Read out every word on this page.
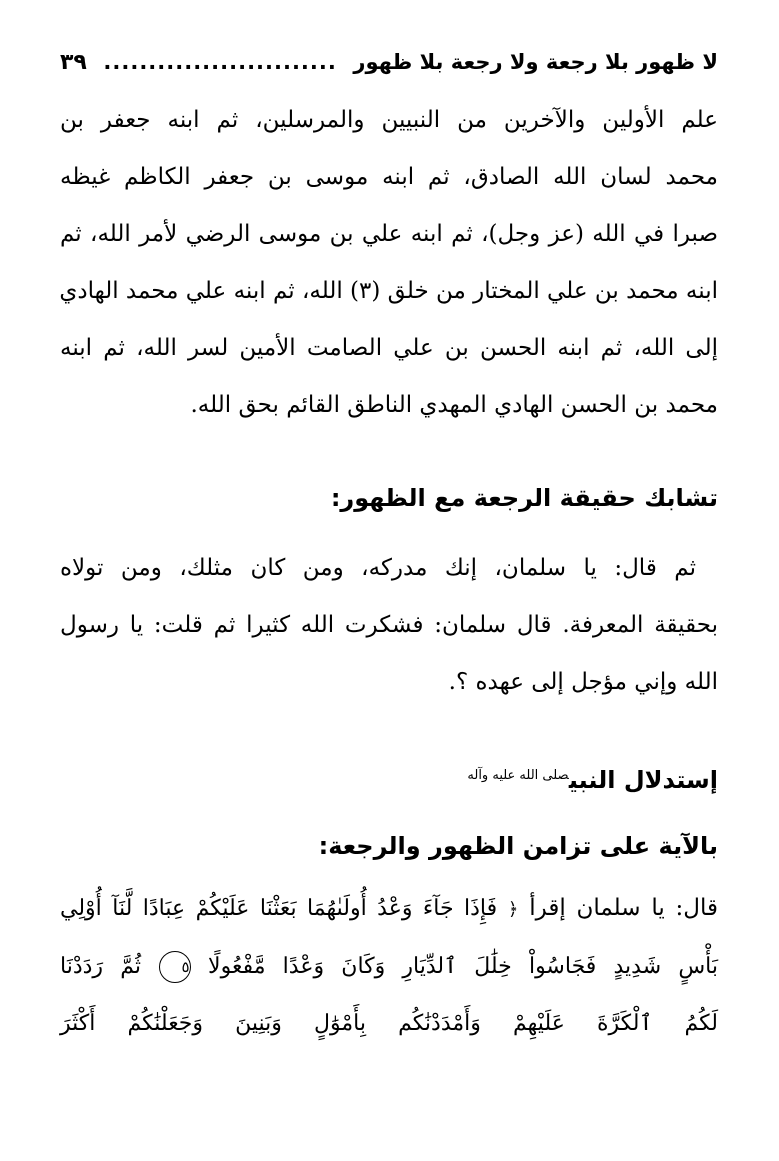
لا ظهور بلا رجعة ولا رجعة بلا ظهور
..........................
٣٩
علم الأولين والآخرين من النبيين والمرسلين، ثم ابنه جعفر بن
محمد لسان الله الصادق، ثم ابنه موسى بن جعفر الكاظم غيظه
صبرا في الله (عز وجل)، ثم ابنه علي بن موسى الرضي لأمر الله، ثم
ابنه محمد بن علي المختار من خلق (٣) الله، ثم ابنه علي محمد الهادي
إلى الله، ثم ابنه الحسن بن علي الصامت الأمين لسر الله، ثم ابنه
محمد بن الحسن الهادي المهدي الناطق القائم بحق الله.
تشابك حقيقة الرجعة مع الظهور:
ثم قال: يا سلمان، إنك مدركه، ومن كان مثلك، ومن تولاه
بحقيقة المعرفة. قال سلمان: فشكرت الله كثيرا ثم قلت: يا رسول
الله وإني مؤجل إلى عهده ؟.
إستدلال النبي$^{صلى الله عليه وآله}$
بالآية على تزامن الظهور والرجعة:
قال: يا سلمان إقرأ ﴿ فَإِذَا جَآءَ وَعْدُ أُولَىٰهُمَا بَعَثْنَا عَلَيْكُمْ عِبَادًا لَّنَآ أُوْلِي
بَأْسٍ شَدِيدٍ فَجَاسُواْ خِلَٰلَ ٱلدِّيَارِ وَكَانَ وَعْدًا مَّفْعُولًا ٥ ثُمَّ رَدَدْنَا
لَكُمُ ٱلْكَرَّةَ عَلَيْهِمْ وَأَمْدَدْنَٰكُم بِأَمْوَٰلٍ وَبَنِينَ وَجَعَلْنَٰكُمْ أَكْثَرَ
